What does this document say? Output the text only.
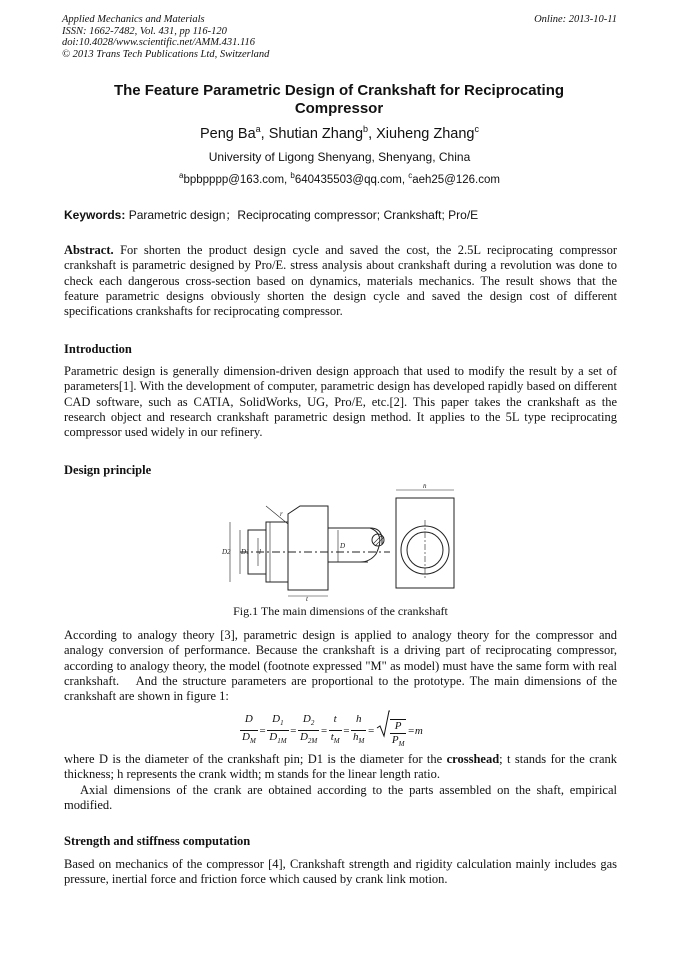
Applied Mechanics and Materials
ISSN: 1662-7482, Vol. 431, pp 116-120
doi:10.4028/www.scientific.net/AMM.431.116
© 2013 Trans Tech Publications Ltd, Switzerland
Online: 2013-10-11
The Feature Parametric Design of Crankshaft for Reciprocating Compressor
Peng Ba$^a$, Shutian Zhang$^b$, Xiuheng Zhang$^c$
University of Ligong Shenyang, Shenyang, China
$^a$bpbpppp@163.com, $^b$640435503@qq.com, $^c$aeh25@126.com
Keywords: Parametric design；Reciprocating compressor; Crankshaft; Pro/E
Abstract. For shorten the product design cycle and saved the cost, the 2.5L reciprocating compressor crankshaft is parametric designed by Pro/E. stress analysis about crankshaft during a revolution was done to check each dangerous cross-section based on dynamics, materials mechanics. The result shows that the feature parametric designs obviously shorten the design cycle and saved the design cost of different specifications crankshafts for reciprocating compressor.
Introduction
Parametric design is generally dimension-driven design approach that used to modify the result by a set of parameters[1]. With the development of computer, parametric design has developed rapidly based on different CAD software, such as CATIA, SolidWorks, UG, Pro/E, etc.[2]. This paper takes the crankshaft as the research object and research crankshaft parametric design method. It applies to the 5L type reciprocating compressor used widely in our refinery.
Design principle
h
t
D
D1
D2
r
l
Fig.1 The main dimensions of the crankshaft
According to analogy theory [3], parametric design is applied to analogy theory for the compressor and analogy conversion of performance. Because the crankshaft is a driving part of reciprocating compressor, according to analogy theory, the model (footnote expressed "M" as model) must have the same form with real crankshaft.　And the structure parameters are proportional to the prototype. The main dimensions of the crankshaft are shown in figure 1:
$\frac{D}{D_M} = \frac{D_1}{D_{1M}} = \frac{D_2}{D_{2M}} = \frac{t}{t_M} = \frac{h}{h_M} = \frac{P}{P_M} =m$
where D is the diameter of the crankshaft pin; D1 is the diameter for the crosshead; t stands for the crank thickness; h represents the crank width; m stands for the linear length ratio.
Axial dimensions of the crank are obtained according to the parts assembled on the shaft, empirical modified.
Strength and stiffness computation
Based on mechanics of the compressor [4], Crankshaft strength and rigidity calculation mainly includes gas pressure, inertial force and friction force which caused by crank link motion.
